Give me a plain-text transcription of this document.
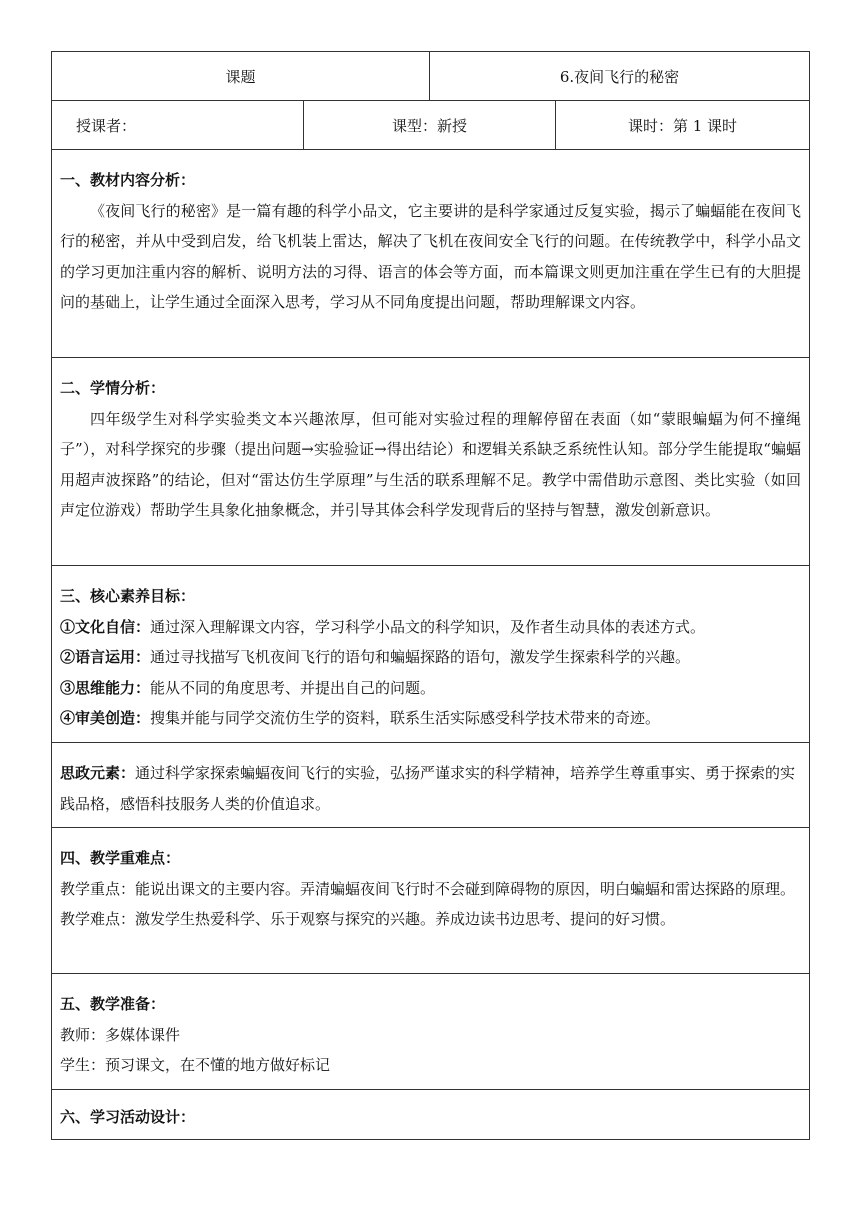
课题		6.夜间飞行的秘密	
授课者：	课型：新授		课时：第 1 课时

一、教材内容分析：
《夜间飞行的秘密》是一篇有趣的科学小品文，它主要讲的是科学家通过反复实验，揭示了蝙蝠能在夜间飞行的秘密，并从中受到启发，给飞机装上雷达，解决了飞机在夜间安全飞行的问题。在传统教学中，科学小品文的学习更加注重内容的解析、说明方法的习得、语言的体会等方面，而本篇课文则更加注重在学生已有的大胆提问的基础上，让学生通过全面深入思考，学习从不同角度提出问题，帮助理解课文内容。			

二、学情分析：
四年级学生对科学实验类文本兴趣浓厚，但可能对实验过程的理解停留在表面（如“蒙眼蝙蝠为何不撞绳子”），对科学探究的步骤（提出问题→实验验证→得出结论）和逻辑关系缺乏系统性认知。部分学生能提取“蝙蝠用超声波探路”的结论，但对“雷达仿生学原理”与生活的联系理解不足。教学中需借助示意图、类比实验（如回声定位游戏）帮助学生具象化抽象概念，并引导其体会科学发现背后的坚持与智慧，激发创新意识。			

三、核心素养目标：
①文化自信：通过深入理解课文内容，学习科学小品文的科学知识，及作者生动具体的表述方式。
②语言运用：通过寻找描写飞机夜间飞行的语句和蝙蝠探路的语句，激发学生探索科学的兴趣。
③思维能力：能从不同的角度思考、并提出自己的问题。
④审美创造：搜集并能与同学交流仿生学的资料，联系生活实际感受科学技术带来的奇迹。			

思政元素：通过科学家探索蝙蝠夜间飞行的实验，弘扬严谨求实的科学精神，培养学生尊重事实、勇于探索的实践品格，感悟科技服务人类的价值追求。			

四、教学重难点：
教学重点：能说出课文的主要内容。弄清蝙蝠夜间飞行时不会碰到障碍物的原因，明白蝙蝠和雷达探路的原理。
教学难点：激发学生热爱科学、乐于观察与探究的兴趣。养成边读书边思考、提问的好习惯。			

五、教学准备：
教师：多媒体课件
学生：预习课文，在不懂的地方做好标记			

六、学习活动设计：			
